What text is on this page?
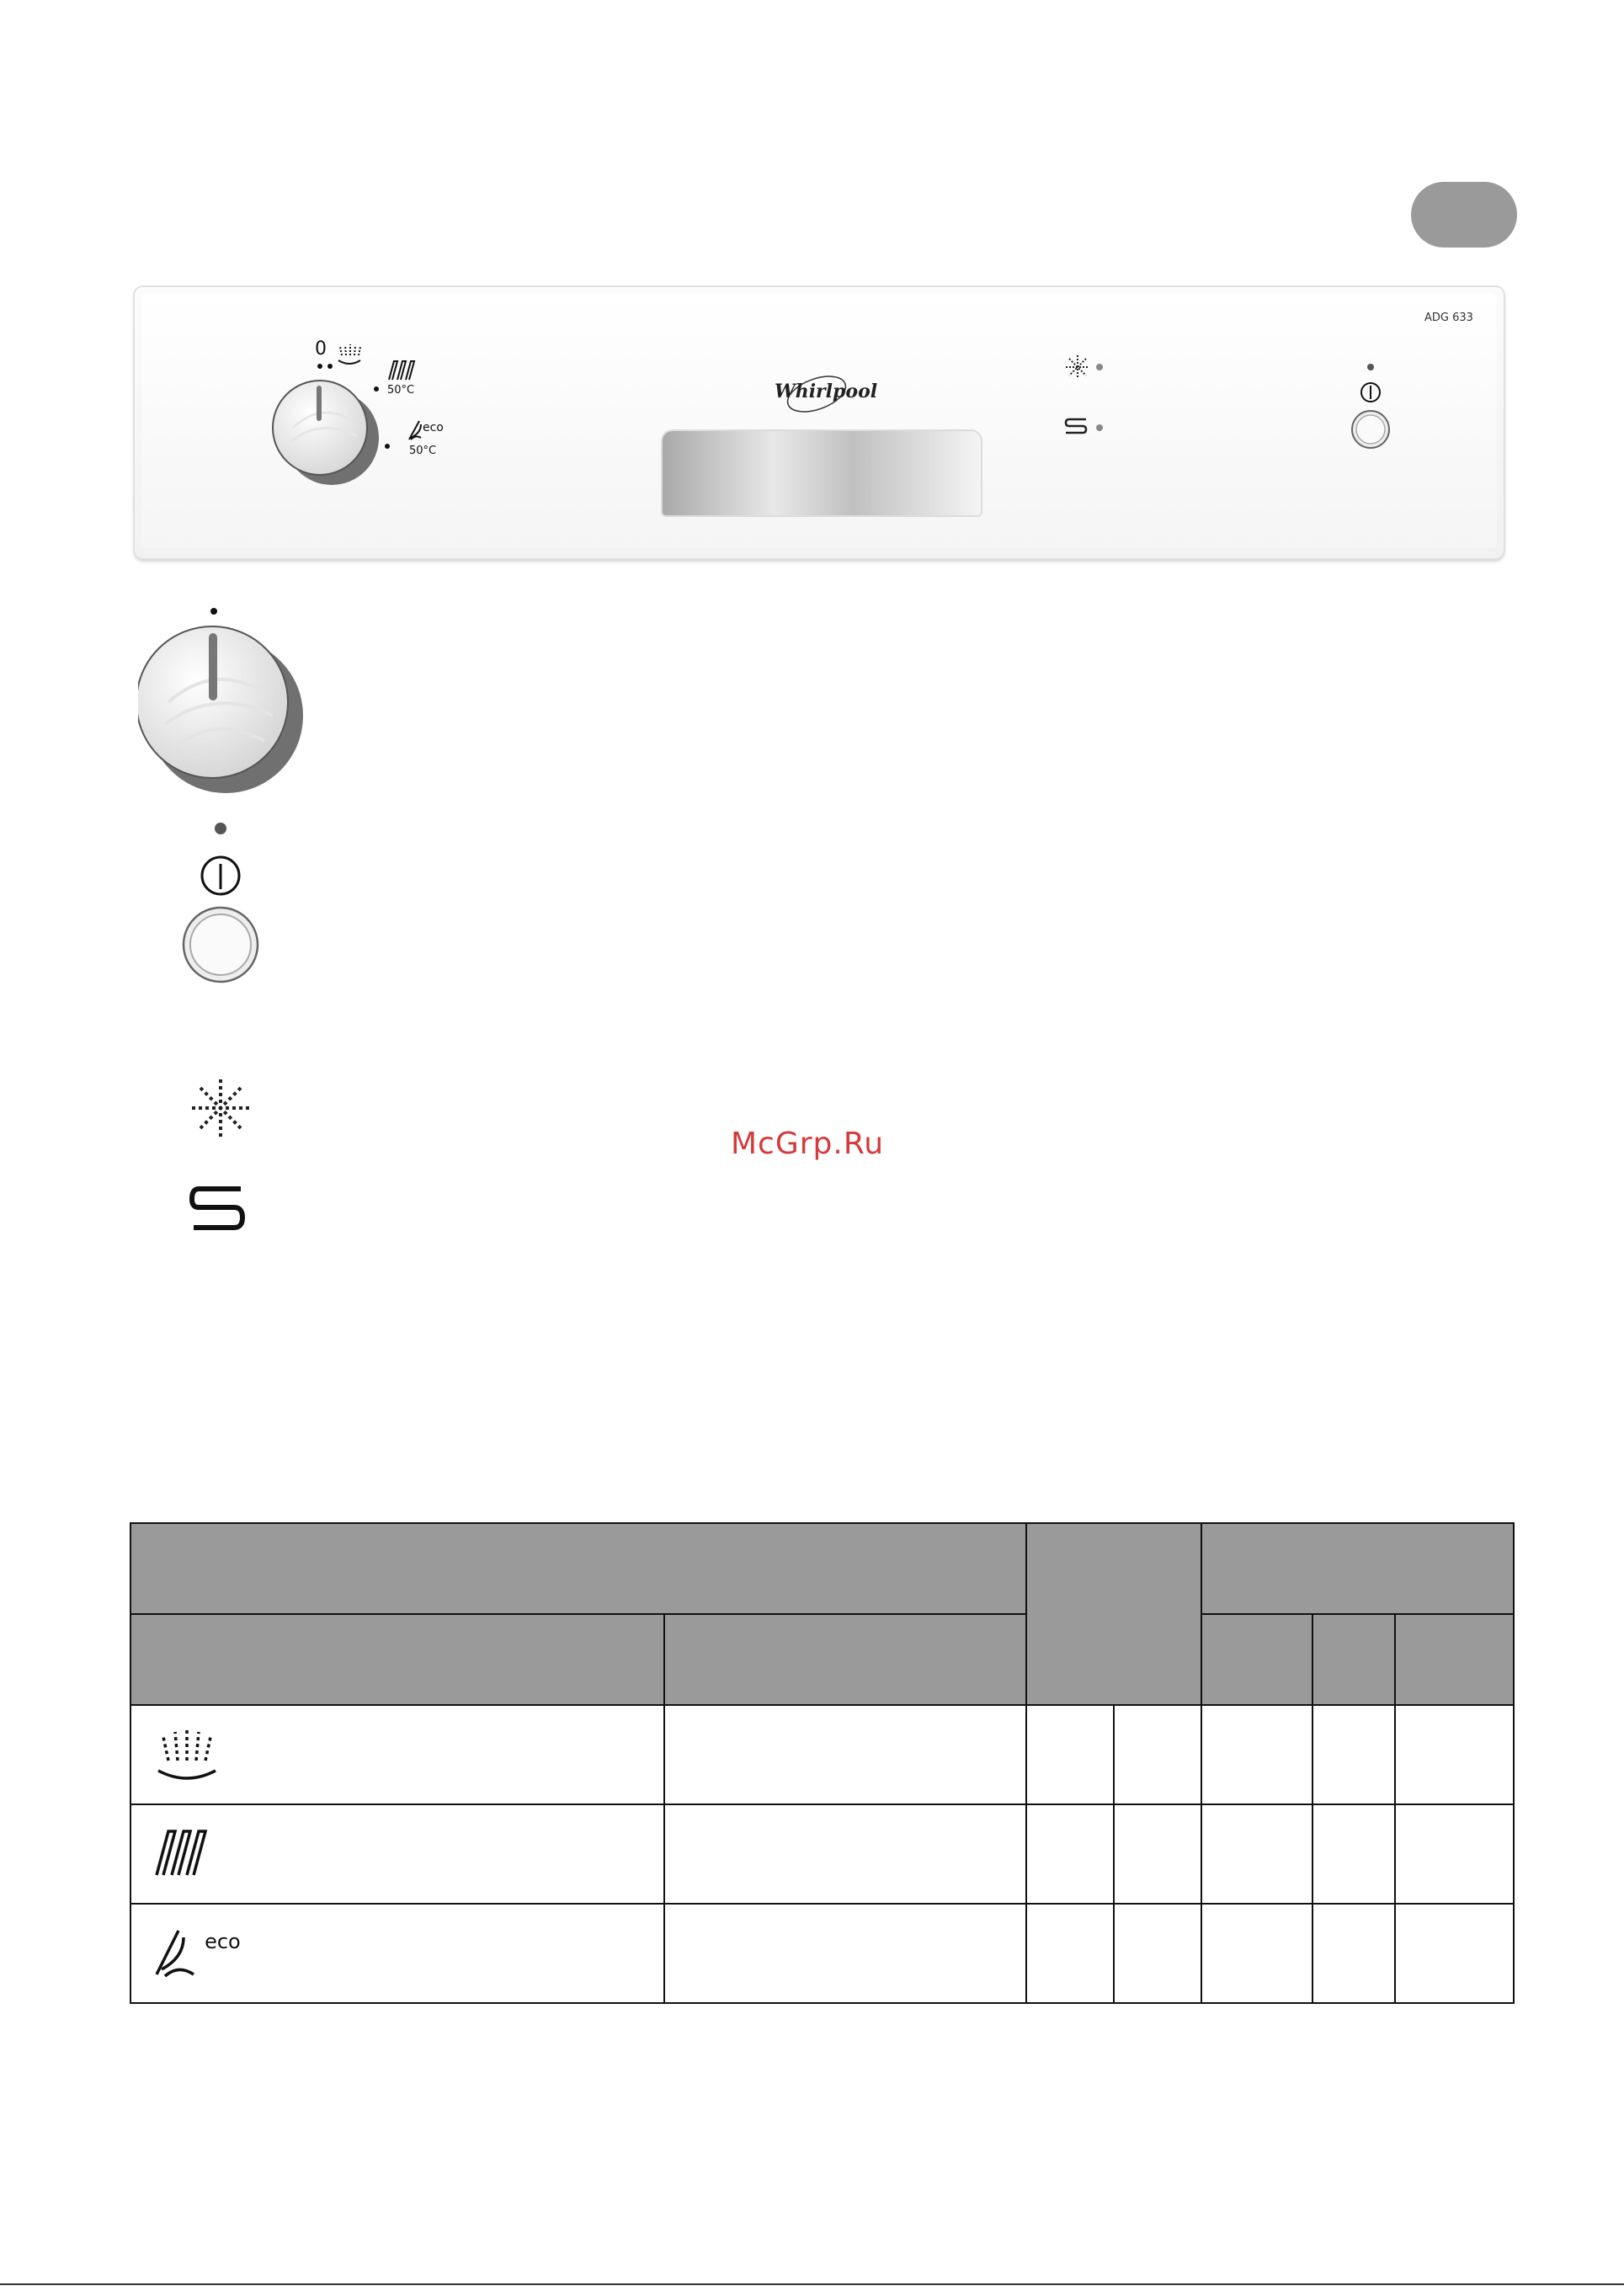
ADG 633
0
50°C
eco
50°C
Whirlpool
McGrp.Ru

eco						
